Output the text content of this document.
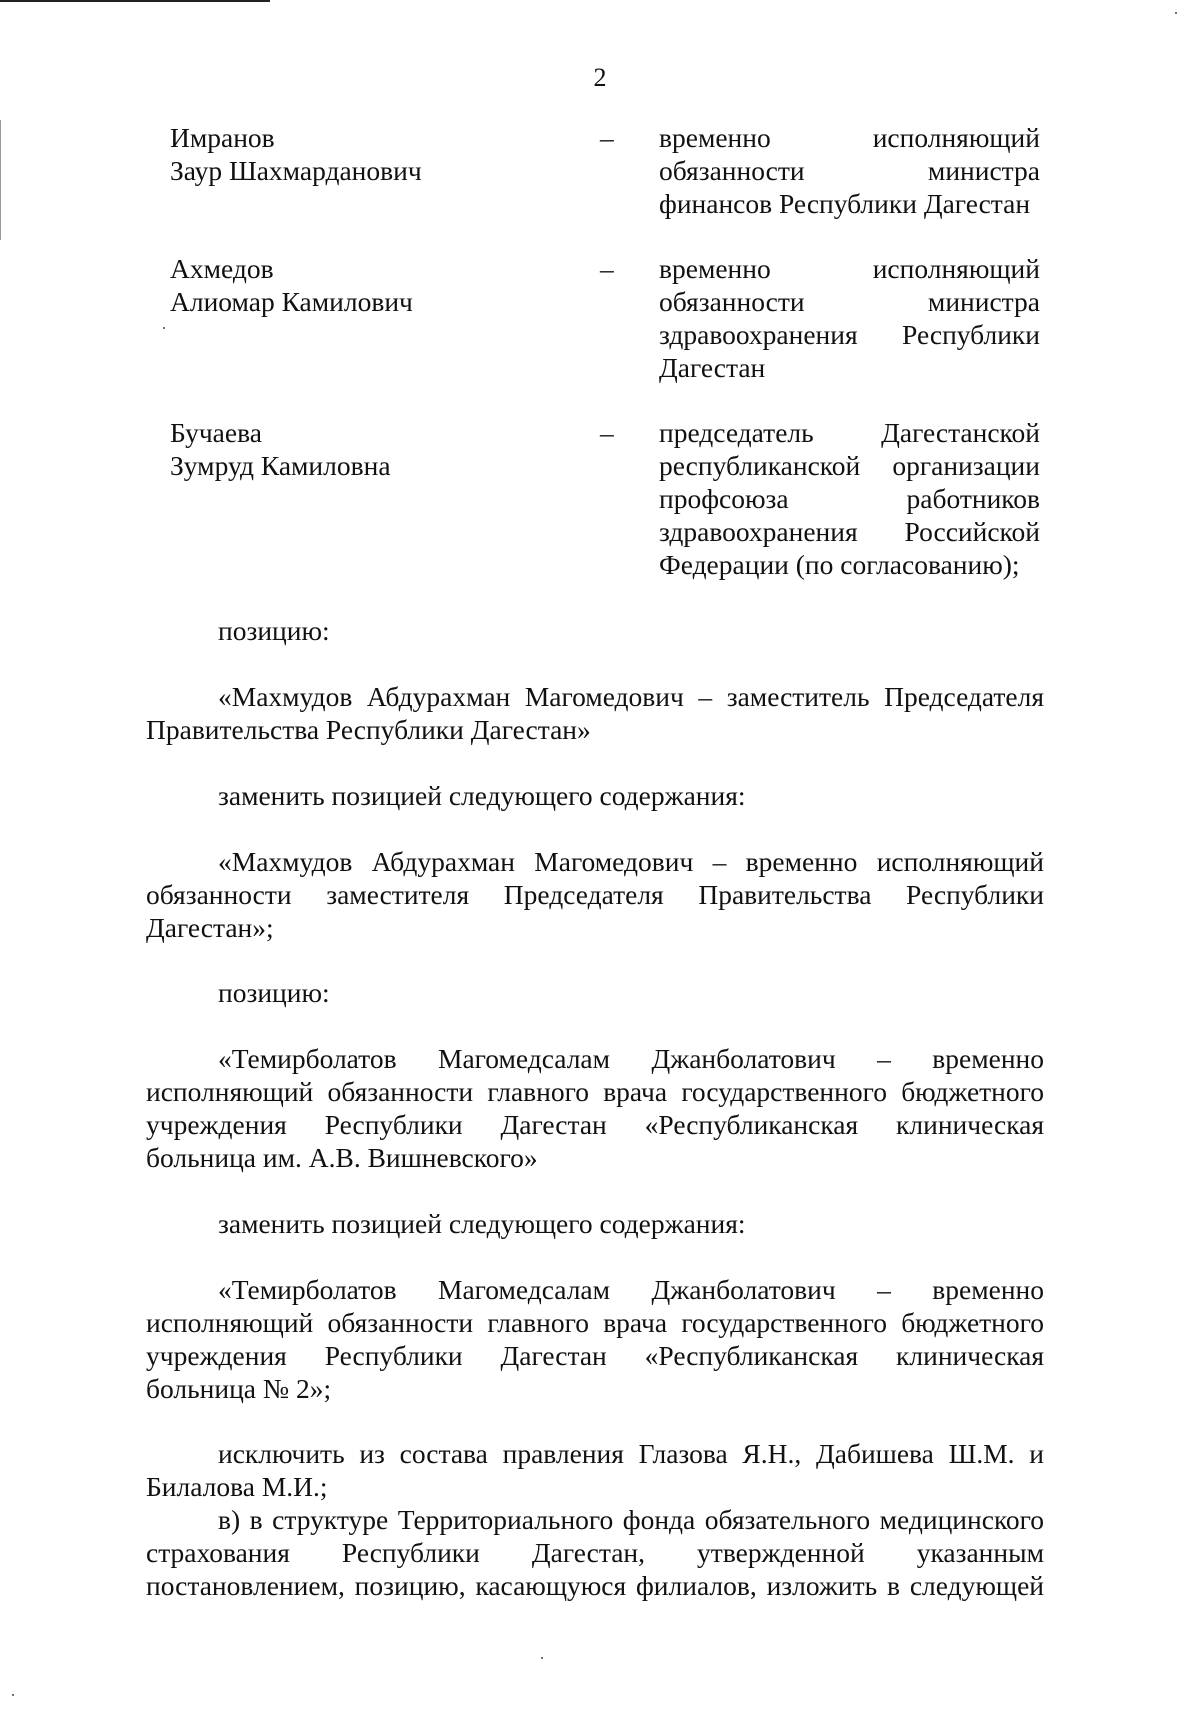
2
Имранов
Заур Шахмарданович
– временно исполняющий
обязанности министра
финансов Республики Дагестан
Ахмедов
Алиомар Камилович
– временно исполняющий
обязанности министра
здравоохранения Республики
Дагестан
Бучаева
Зумруд Камиловна
– председатель Дагестанской
республиканской организации
профсоюза работников
здравоохранения Российской
Федерации (по согласованию);
позицию:
«Махмудов Абдурахман Магомедович – заместитель Председателя
Правительства Республики Дагестан»
заменить позицией следующего содержания:
«Махмудов Абдурахман Магомедович – временно исполняющий
обязанности заместителя Председателя Правительства Республики
Дагестан»;
позицию:
«Темирболатов Магомедсалам Джанболатович – временно
исполняющий обязанности главного врача государственного бюджетного
учреждения Республики Дагестан «Республиканская клиническая
больница им. А.В. Вишневского»
заменить позицией следующего содержания:
«Темирболатов Магомедсалам Джанболатович – временно
исполняющий обязанности главного врача государственного бюджетного
учреждения Республики Дагестан «Республиканская клиническая
больница № 2»;
исключить из состава правления Глазова Я.Н., Дабишева Ш.М. и
Билалова М.И.;
в) в структуре Территориального фонда обязательного медицинского
страхования Республики Дагестан, утвержденной указанным
постановлением, позицию, касающуюся филиалов, изложить в следующей
